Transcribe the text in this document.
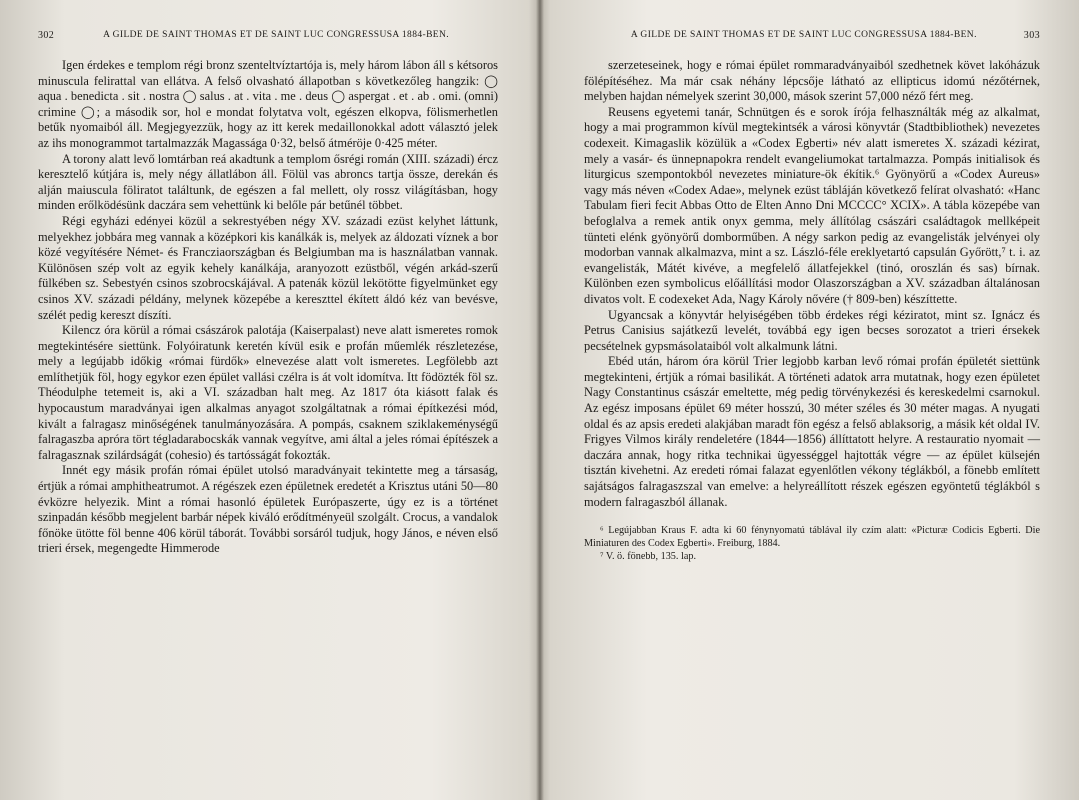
302	A GILDE DE SAINT THOMAS ET DE SAINT LUC CONGRESSUSA 1884-BEN.

Igen érdekes e templom régi bronz szenteltvíztartója is, mely három lábon áll s kétsoros minuscula felirattal van ellátva. A felső olvasható állapotban s következőleg hangzik: ◯ aqua . benedicta . sit . nostra ◯ salus . at . vita . me . deus ◯ aspergat . et . ab . omi. (omni) crimine ◯; a második sor, hol e mondat folytatva volt, egészen elkopva, fölismerhetlen betűk nyomaiból áll. Megjegyezzük, hogy az itt kerek medaillonokkal adott választó jelek az ihs monogrammot tartalmazzák Magassága 0·32, belső átméröje 0·425 méter.

A torony alatt levő lomtárban reá akadtunk a templom ősrégi román (XIII. századi) ércz keresztelő kútjára is, mely négy állatlábon áll. Fölül vas abroncs tartja össze, derekán és alján maiuscula föliratot találtunk, de egészen a fal mellett, oly rossz világításban, hogy minden erőlködésünk daczára sem vehettünk ki belőle pár betűnél többet.

Régi egyházi edényei közül a sekrestyében négy XV. századi ezüst kelyhet láttunk, melyekhez jobbára meg vannak a középkori kis kanálkák is, melyek az áldozati víznek a bor közé vegyítésére Német- és Francziaországban és Belgiumban ma is használatban vannak. Különösen szép volt az egyik kehely kanálkája, aranyozott ezüstből, végén arkád-szerű fülkében sz. Sebestyén csinos szobrocskájával. A patenák közül lekötötte figyelmünket egy csinos XV. századi példány, melynek közepébe a kereszttel ékített áldó kéz van bevésve, szélét pedig kereszt díszíti.

Kilencz óra körül a római császárok palotája (Kaiserpalast) neve alatt ismeretes romok megtekintésére siettünk. Folyóiratunk keretén kívül esik e profán műemlék részletezése, mely a legújabb időkig «római fürdők» elnevezése alatt volt ismeretes. Legfölebb azt említhetjük föl, hogy egykor ezen épület vallási czélra is át volt idomítva. Itt födözték föl sz. Théodulphe tetemeit is, aki a VI. században halt meg. Az 1817 óta kiásott falak és hypocaustum maradványai igen alkalmas anyagot szolgáltatnak a római építkezési mód, kivált a falragasz minőségének tanulmányozására. A pompás, csaknem sziklakeménységű falragaszba apróra tört tégladarabocskák vannak vegyítve, ami által a jeles római építészek a falragasznak szilárdságát (cohesio) és tartósságát fokozták.

Innét egy másik profán római épület utolsó maradványait tekintette meg a társaság, értjük a római amphitheatrumot. A régészek ezen épületnek eredetét a Krisztus utáni 50—80 évközre helyezik. Mint a római hasonló épületek Európaszerte, úgy ez is a történet szinpadán később megjelent barbár népek kiváló erődítményeül szolgált. Crocus, a vandalok főnöke ütötte föl benne 406 körül táborát. További sorsáról tudjuk, hogy János, e néven első trieri érsek, megengedte Himmerode

A GILDE DE SAINT THOMAS ET DE SAINT LUC CONGRESSUSA 1884-BEN.	303

szerzeteseinek, hogy e római épület rommaradványaiból szedhetnek követ lakóházuk fölépítéséhez. Ma már csak néhány lépcsője látható az ellipticus idomú nézőtérnek, melyben hajdan némelyek szerint 30,000, mások szerint 57,000 néző fért meg.

Reusens egyetemi tanár, Schnütgen és e sorok írója felhasználták még az alkalmat, hogy a mai programmon kívül megtekintsék a városi könyvtár (Stadtbibliothek) nevezetes codexeit. Kimagaslik közülük a «Codex Egberti» név alatt ismeretes X. századi kézirat, mely a vasár- és ünnepnapokra rendelt evangeliumokat tartalmazza. Pompás initialisok és liturgicus szempontokból nevezetes miniature-ök ékítik.⁶ Gyönyörű a «Codex Aureus» vagy más néven «Codex Adae», melynek ezüst tábláján következő felírat olvasható: «Hanc Tabulam fieri fecit Abbas Otto de Elten Anno Dni MCCCC° XCIX». A tábla közepébe van befoglalva a remek antik onyx gemma, mely állítólag császári családtagok mellképeit tünteti elénk gyönyörű domborműben. A négy sarkon pedig az evangelisták jelvényei oly modorban vannak alkalmazva, mint a sz. László-féle ereklyetartó capsulán Győrött,⁷ t. i. az evangelisták, Mátét kivéve, a megfelelő állatfejekkel (tinó, oroszlán és sas) bírnak. Különben ezen symbolicus előállítási modor Olaszországban a XV. században általánosan divatos volt. E codexeket Ada, Nagy Károly nővére († 809-ben) készíttette.

Ugyancsak a könyvtár helyiségében több érdekes régi kéziratot, mint sz. Ignácz és Petrus Canisius sajátkezű levelét, továbbá egy igen becses sorozatot a trieri érsekek pecsételnek gypsmásolataiból volt alkalmunk látni.

Ebéd után, három óra körül Trier legjobb karban levő római profán épületét siettünk megtekinteni, értjük a római basilikát. A történeti adatok arra mutatnak, hogy ezen épületet Nagy Constantinus császár emeltette, még pedig törvénykezési és kereskedelmi csarnokul. Az egész imposans épület 69 méter hosszú, 30 méter széles és 30 méter magas. A nyugati oldal és az apsis eredeti alakjában maradt fön egész a felső ablaksorig, a másik két oldal IV. Frigyes Vilmos király rendeletére (1844—1856) állíttatott helyre. A restauratio nyomait — daczára annak, hogy ritka technikai ügyességgel hajtották végre — az épület külsején tisztán kivehetni. Az eredeti római falazat egyenlőtlen vékony téglákból, a fönebb említett sajátságos falragaszszal van emelve: a helyreállított részek egészen egyöntetű téglákból s modern falragaszból állanak.

⁶ Legújabban Kraus F. adta ki 60 fénynyomatú táblával ily czím alatt: «Picturæ Codicis Egberti. Die Miniaturen des Codex Egberti». Freiburg, 1884.

⁷ V. ö. fönebb, 135. lap.
